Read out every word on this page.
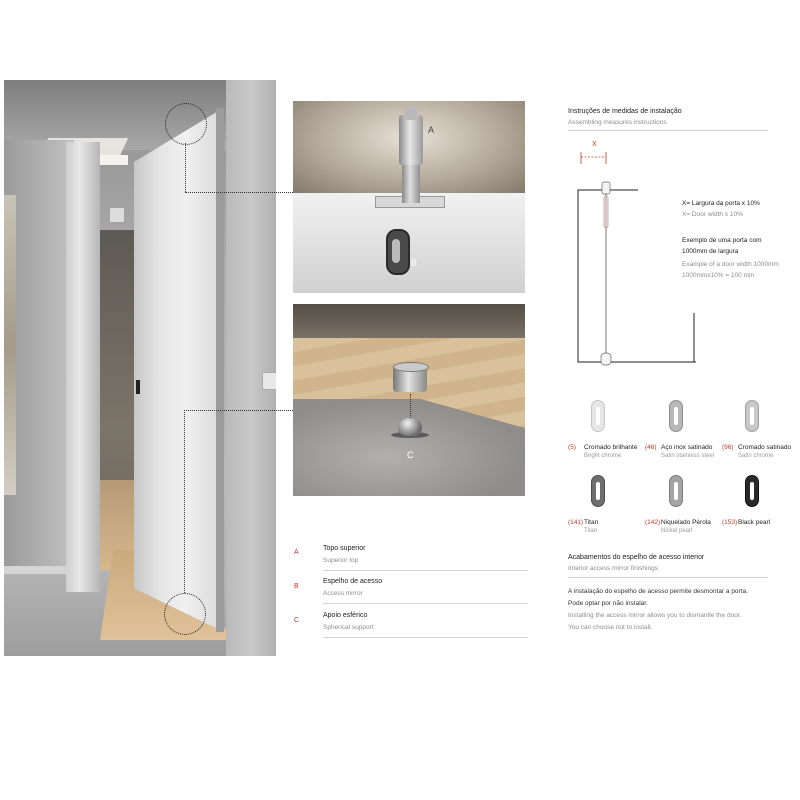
A
B
C
A
Topo superior
Superior top
B
Espelho de acesso
Access mirror
C
Apoio esférico
Spherical support
Instruções de medidas de instalação
Assembling measures instructions
X
X= Largura da porta x 10%
X= Door width x 10%
Exemplo de uma porta com
1000mm de largura
Example of a door width 1000mm
1000mmx10% = 100 mm
(5) Cromado brilhante
Bright chrome
(46) Aço inox satinado
Satin stainless steel
(96) Cromado satinado
Satin chrome
(141) Titan
Titan
(142) Niquelado Pérola
Nickel pearl
(153) Black pearl
Acabamentos do espelho de acesso interior
Interior access mirror finishings
A instalação do espelho de acesso permite desmontar a porta.
Pode optar por não instalar.
Installing the access mirror allows you to dismantle the door.
You can choose not to install.
